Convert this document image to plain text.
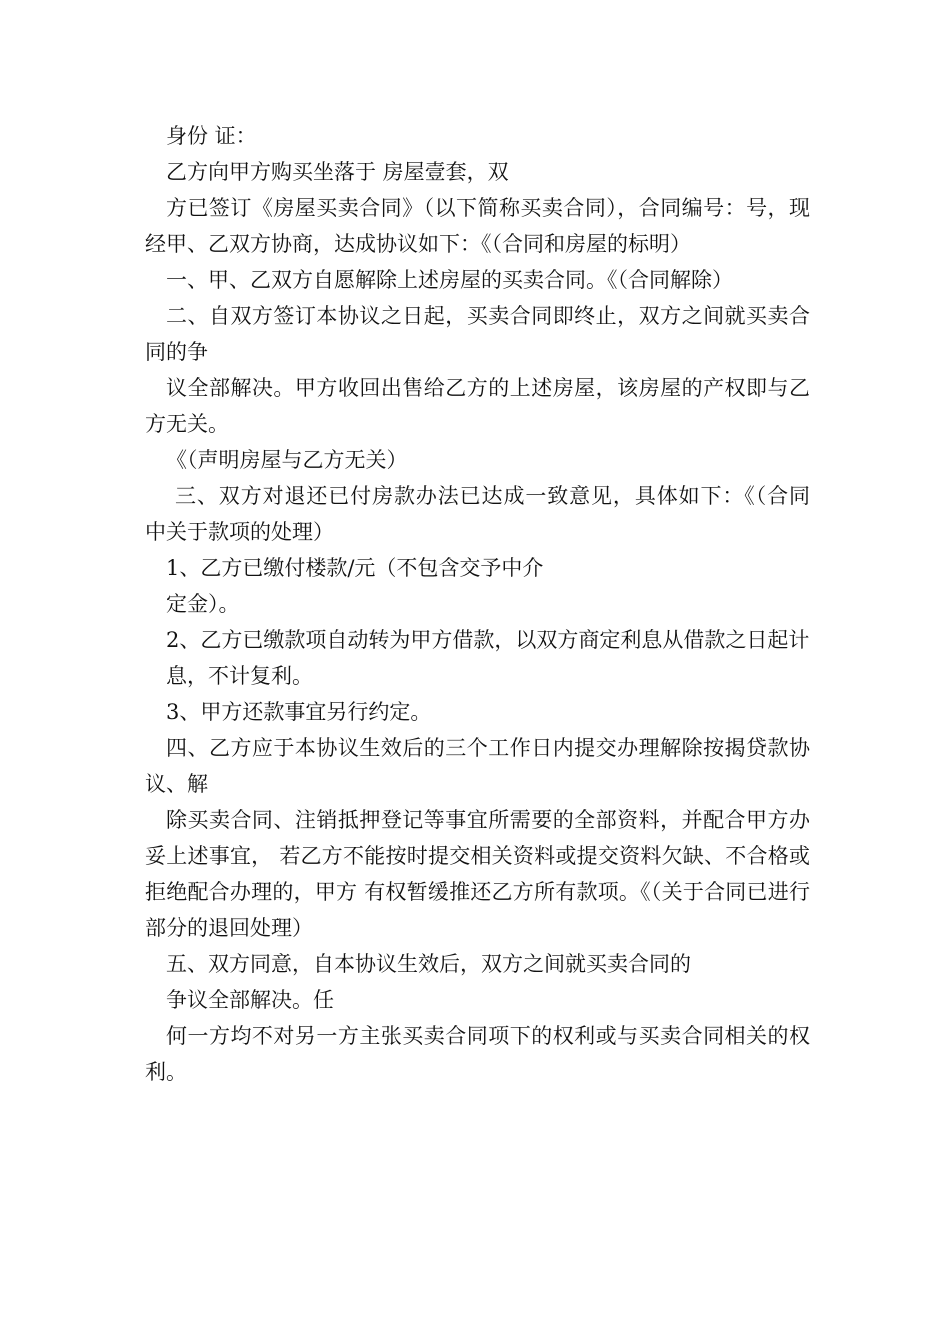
身份 证：

乙方向甲方购买坐落于 房屋壹套，双

方已签订《房屋买卖合同》（以下简称买卖合同），合同编号：号，现经甲、乙双方协商，达成协议如下：《（合同和房屋的标明）

一、甲、乙双方自愿解除上述房屋的买卖合同。《（合同解除）

二、自双方签订本协议之日起，买卖合同即终止，双方之间就买卖合同的争

议全部解决。甲方收回出售给乙方的上述房屋，该房屋的产权即与乙方无关。

《（声明房屋与乙方无关）

三、双方对退还已付房款办法已达成一致意见，具体如下：《（合同 中关于款项的处理）

1、乙方已缴付楼款/元（不包含交予中介

定金）。

2、乙方已缴款项自动转为甲方借款，以双方商定利息从借款之日起计

息，不计复利。

3、甲方还款事宜另行约定。

四、乙方应于本协议生效后的三个工作日内提交办理解除按揭贷款协议、解

除买卖合同、注销抵押登记等事宜所需要的全部资料，并配合甲方办妥上述事宜， 若乙方不能按时提交相关资料或提交资料欠缺、不合格或拒绝配合办理的，甲方 有权暂缓推还乙方所有款项。《（关于合同已进行部分的退回处理）

五、双方同意，自本协议生效后，双方之间就买卖合同的

争议全部解决。任

何一方均不对另一方主张买卖合同项下的权利或与买卖合同相关的权利。
